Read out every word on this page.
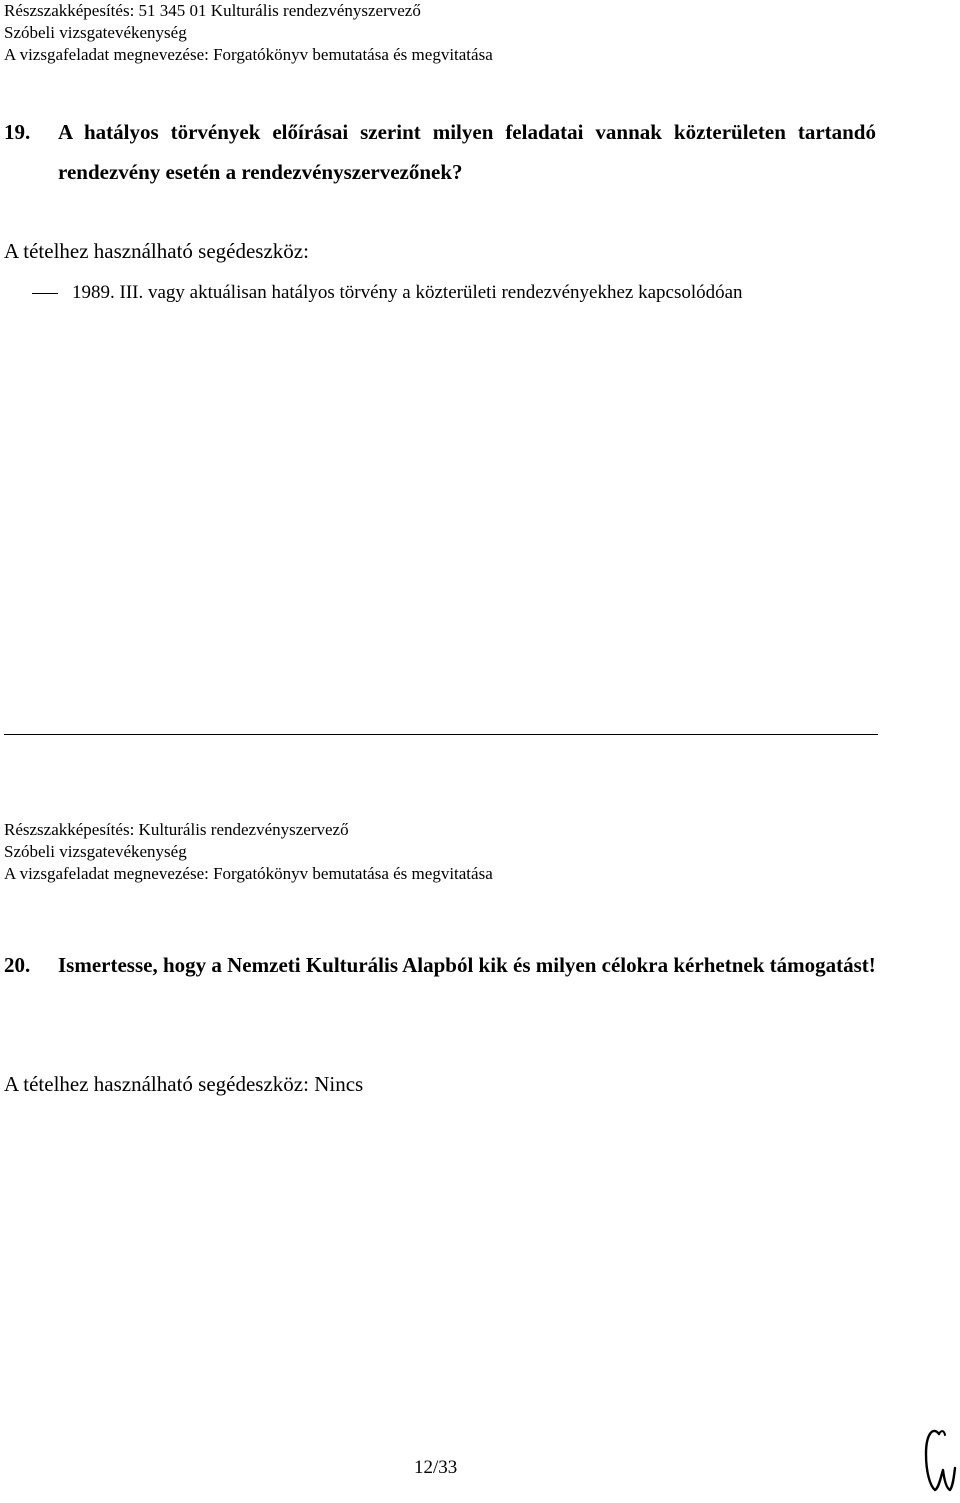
Részszakképesítés: 51 345 01 Kulturális rendezvényszervező
Szóbeli vizsgatevékenység
A vizsgafeladat megnevezése: Forgatókönyv bemutatása és megvitatása
19. A hatályos törvények előírásai szerint milyen feladatai vannak közterületen tartandó rendezvény esetén a rendezvényszervezőnek?
A tételhez használható segédeszköz:
1989. III. vagy aktuálisan hatályos törvény a közterületi rendezvényekhez kapcsolódóan
Részszakképesítés: Kulturális rendezvényszervező
Szóbeli vizsgatevékenység
A vizsgafeladat megnevezése: Forgatókönyv bemutatása és megvitatása
20. Ismertesse, hogy a Nemzeti Kulturális Alapból kik és milyen célokra kérhetnek támogatást!
A tételhez használható segédeszköz: Nincs
12/33
